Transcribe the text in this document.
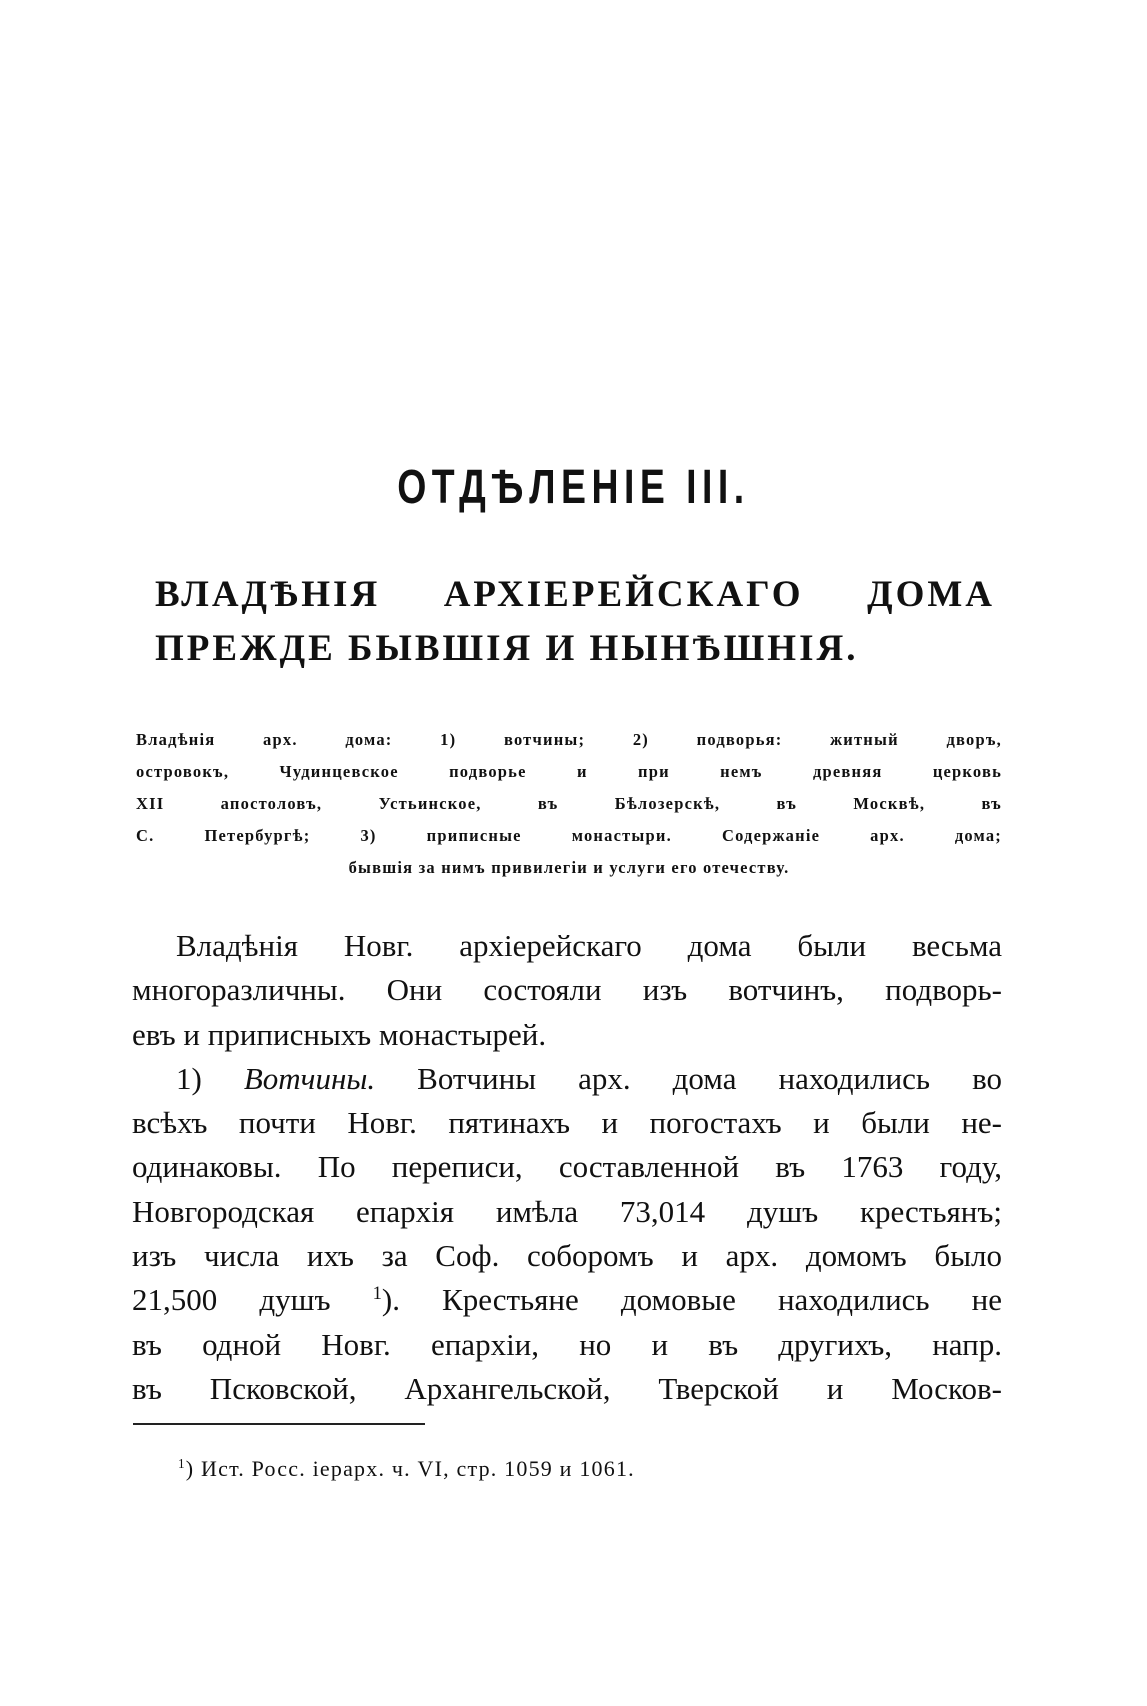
ОТДѢЛЕНІЕ III.
ВЛАДѢНІЯ АРХІЕРЕЙСКАГО ДОМА
ПРЕЖДЕ БЫВШІЯ И НЫНѢШНІЯ.
Владѣнія арх. дома: 1) вотчины; 2) подворья: житный дворъ,
островокъ, Чудинцевское подворье и при немъ древняя церковь
XII апостоловъ, Устьинское, въ Бѣлозерскѣ, въ Москвѣ, въ
С. Петербургѣ; 3) приписные монастыри. Содержаніе арх. дома;
бывшія за нимъ привилегіи и услуги его отечеству.
Владѣнія Новг. архіерейскаго дома были весьма
многоразличны. Они состояли изъ вотчинъ, подворь-
евъ и приписныхъ монастырей.
1) Вотчины. Вотчины арх. дома находились во
всѣхъ почти Новг. пятинахъ и погостахъ и были не-
одинаковы. По переписи, составленной въ 1763 году,
Новгородская епархія имѣла 73,014 душъ крестьянъ;
изъ числа ихъ за Соф. соборомъ и арх. домомъ было
21,500 душъ $^1$). Крестьяне домовые находились не
въ одной Новг. епархіи, но и въ другихъ, напр.
въ Псковской, Архангельской, Тверской и Москов-
$^1$) Ист. Росс. іерарх. ч. VI, стр. 1059 и 1061.
